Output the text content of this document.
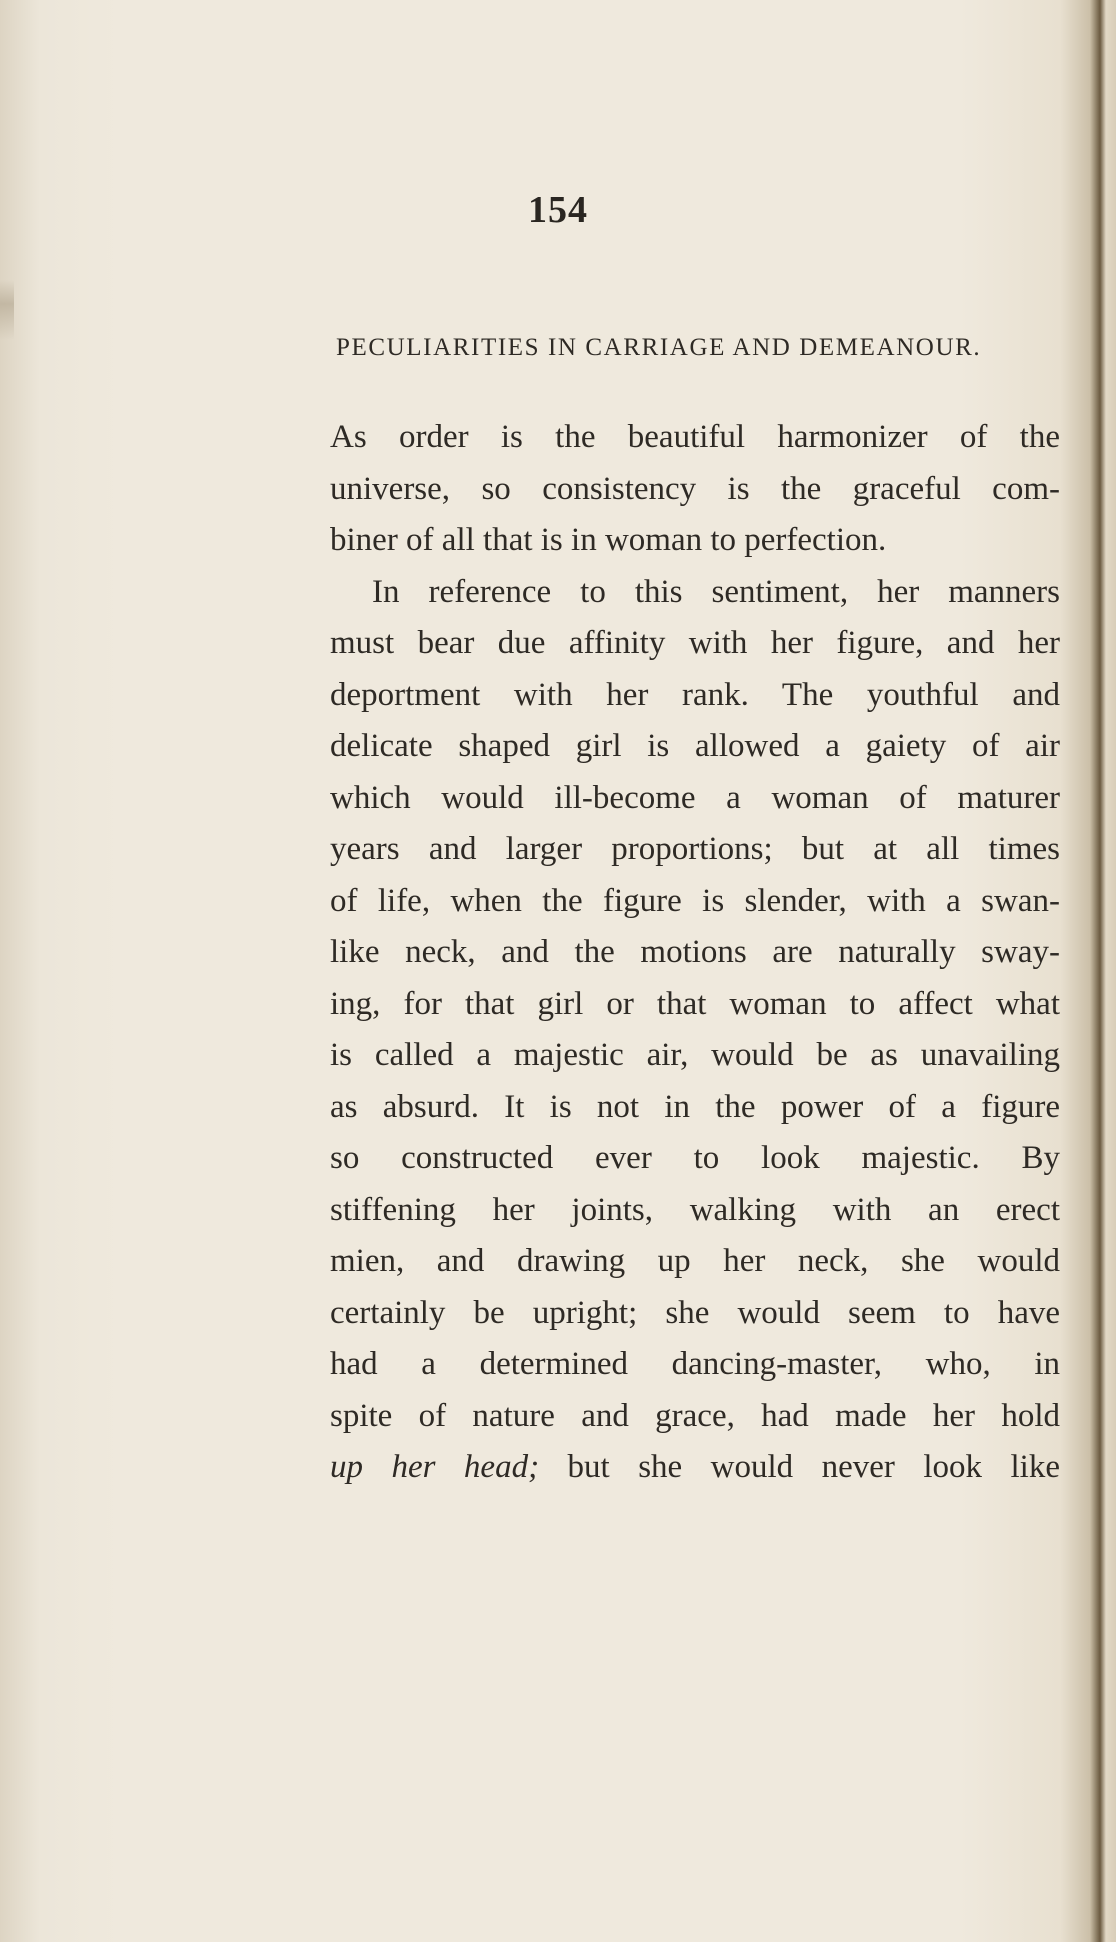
154
PECULIARITIES IN CARRIAGE AND DEMEANOUR.
As order is the beautiful harmonizer of the
universe, so consistency is the graceful com-
biner of all that is in woman to perfection.
In reference to this sentiment, her manners
must bear due affinity with her figure, and her
deportment with her rank. The youthful and
delicate shaped girl is allowed a gaiety of air
which would ill-become a woman of maturer
years and larger proportions; but at all times
of life, when the figure is slender, with a swan-
like neck, and the motions are naturally sway-
ing, for that girl or that woman to affect what
is called a majestic air, would be as unavailing
as absurd. It is not in the power of a figure
so constructed ever to look majestic. By
stiffening her joints, walking with an erect
mien, and drawing up her neck, she would
certainly be upright; she would seem to have
had a determined dancing-master, who, in
spite of nature and grace, had made her hold
up her head; but she would never look like
